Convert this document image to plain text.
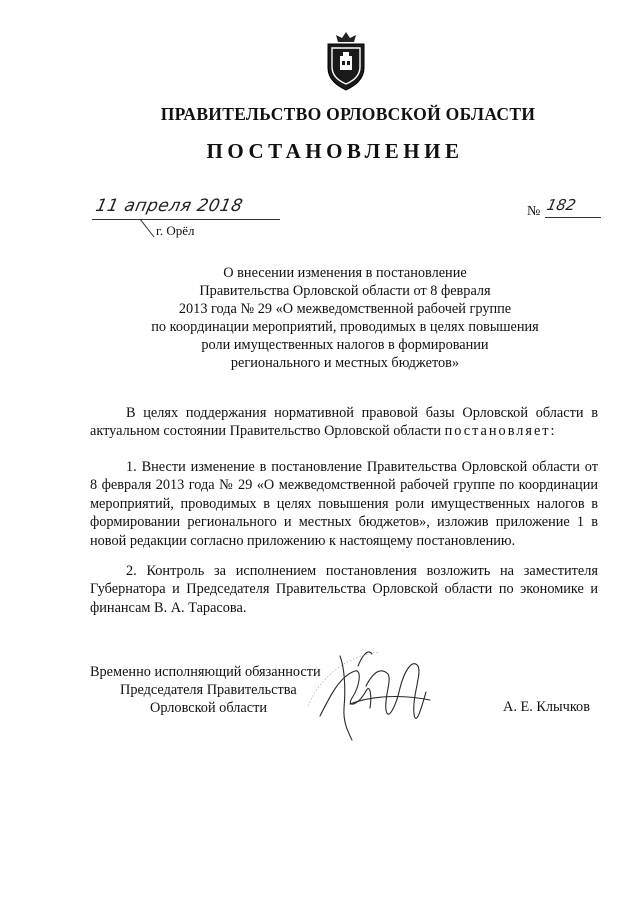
ПРАВИТЕЛЬСТВО ОРЛОВСКОЙ ОБЛАСТИ
ПОСТАНОВЛЕНИЕ
11 апреля 2018
г. Орёл
№ 182
О внесении изменения в постановление
Правительства Орловской области от 8 февраля
2013 года № 29 «О межведомственной рабочей группе
по координации мероприятий, проводимых в целях повышения
роли имущественных налогов в формировании
регионального и местных бюджетов»

В целях поддержания нормативной правовой базы Орловской области в актуальном состоянии Правительство Орловской области постановляет:

1. Внести изменение в постановление Правительства Орловской области от 8 февраля 2013 года № 29 «О межведомственной рабочей группе по координации мероприятий, проводимых в целях повышения роли имущественных налогов в формировании регионального и местных бюджетов», изложив приложение 1 в новой редакции согласно приложению к настоящему постановлению.

2. Контроль за исполнением постановления возложить на заместителя Губернатора и Председателя Правительства Орловской области по экономике и финансам В. А. Тарасова.

Временно исполняющий обязанности
Председателя Правительства
Орловской области	А. Е. Клычков
